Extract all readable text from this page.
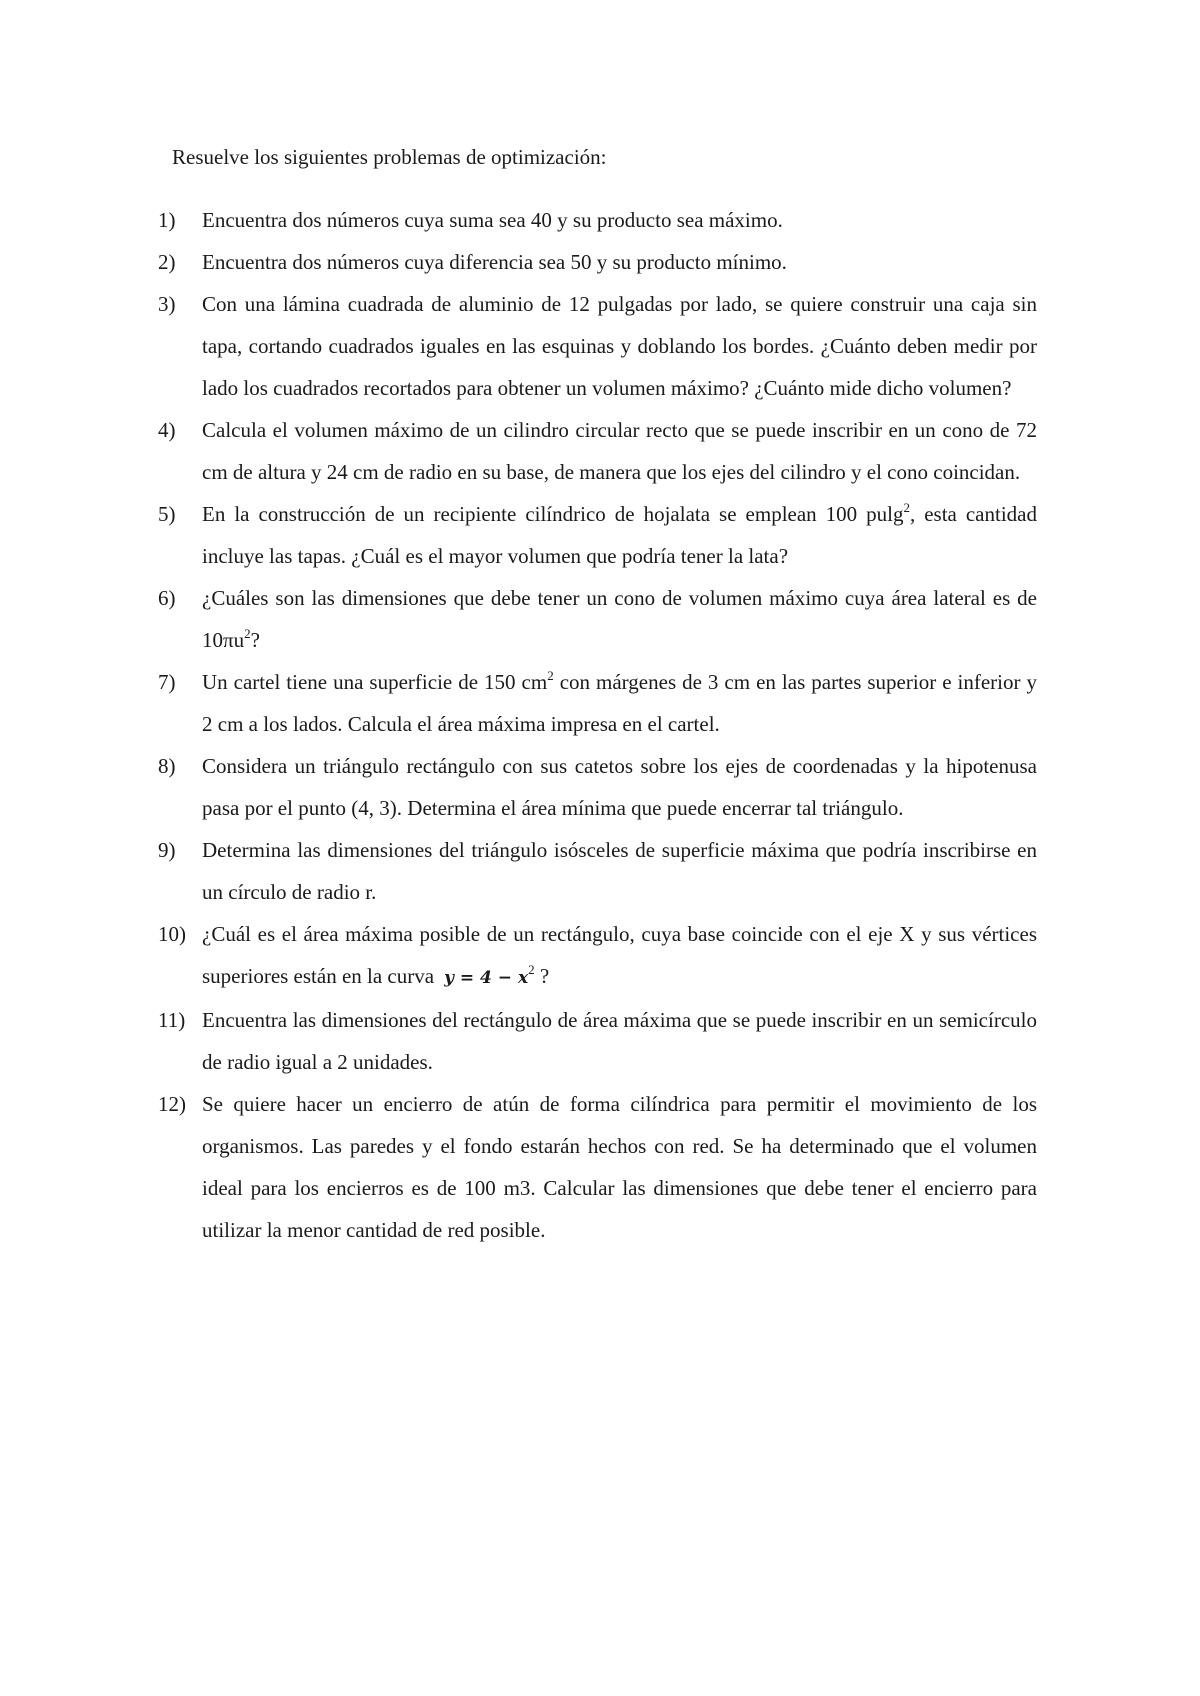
Resuelve los siguientes problemas de optimización:
1) Encuentra dos números cuya suma sea 40 y su producto sea máximo.
2) Encuentra dos números cuya diferencia sea 50 y su producto mínimo.
3) Con una lámina cuadrada de aluminio de 12 pulgadas por lado, se quiere construir una caja sin tapa, cortando cuadrados iguales en las esquinas y doblando los bordes. ¿Cuánto deben medir por lado los cuadrados recortados para obtener un volumen máximo? ¿Cuánto mide dicho volumen?
4) Calcula el volumen máximo de un cilindro circular recto que se puede inscribir en un cono de 72 cm de altura y 24 cm de radio en su base, de manera que los ejes del cilindro y el cono coincidan.
5) En la construcción de un recipiente cilíndrico de hojalata se emplean 100 pulg$^2$, esta cantidad incluye las tapas. ¿Cuál es el mayor volumen que podría tener la lata?
6) ¿Cuáles son las dimensiones que debe tener un cono de volumen máximo cuya área lateral es de $10\pi u^2$?
7) Un cartel tiene una superficie de 150 $cm^2$ con márgenes de 3 cm en las partes superior e inferior y 2 cm a los lados. Calcula el área máxima impresa en el cartel.
8) Considera un triángulo rectángulo con sus catetos sobre los ejes de coordenadas y la hipotenusa pasa por el punto (4, 3). Determina el área mínima que puede encerrar tal triángulo.
9) Determina las dimensiones del triángulo isósceles de superficie máxima que podría inscribirse en un círculo de radio r.
10) ¿Cuál es el área máxima posible de un rectángulo, cuya base coincide con el eje X y sus vértices superiores están en la curva $y = 4 - x^2$ ?
11) Encuentra las dimensiones del rectángulo de área máxima que se puede inscribir en un semicírculo de radio igual a 2 unidades.
12) Se quiere hacer un encierro de atún de forma cilíndrica para permitir el movimiento de los organismos. Las paredes y el fondo estarán hechos con red. Se ha determinado que el volumen ideal para los encierros es de 100 m3. Calcular las dimensiones que debe tener el encierro para utilizar la menor cantidad de red posible.
